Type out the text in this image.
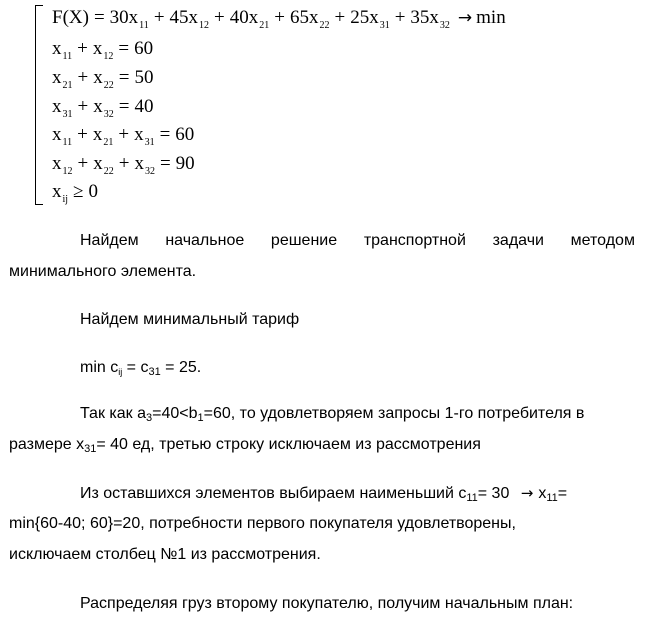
$F(X) = 30x_{11} + 45x_{12} + 40x_{21} + 65x_{22} + 25x_{31} + 35x_{32} \to \min$
$x_{11} + x_{12} = 60$
$x_{21} + x_{22} = 50$
$x_{31} + x_{32} = 40$
$x_{11} + x_{21} + x_{31} = 60$
$x_{12} + x_{22} + x_{32} = 90$
$x_{ij} \ge 0$
Найдем начальное решение транспортной задачи методом
минимального элемента.
Найдем минимальный тариф
$\min c_{ij} = c_{31} = 25$.
Так как $a_3=40<b_1=60$, то удовлетворяем запросы 1-го потребителя в
размере $x_{31}= 40$ ед, третью строку исключаем из рассмотрения
Из оставшихся элементов выбираем наименьший $c_{11}= 30 \to x_{11}=$
min{60-40; 60}=20, потребности первого покупателя удовлетворены,
исключаем столбец №1 из рассмотрения.
Распределяя груз второму покупателю, получим начальным план:
